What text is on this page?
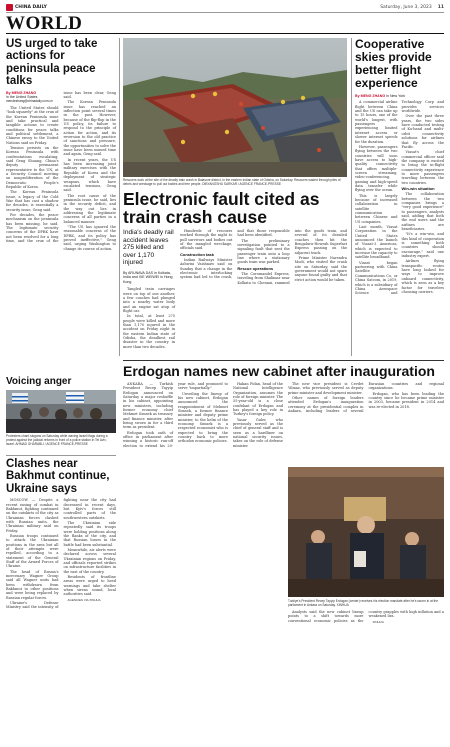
CHINA DAILY	Saturday, June 3, 2023 11
WORLD
US urged to take actions for peninsula peace talks
By MENG ZHANG
in the United States
mendezhang@chinadaily.com.cn

The United States should "look squarely" at the crux of the Korean Peninsula issue and take practical and tangible actions to create conditions for peace talks and political settlement, a Chinese envoy to the United Nations said on Friday.

Tension persists on the Korean Peninsula with confrontations escalating, said Geng Shuang, China's deputy permanent representative to the UN, at a Security Council meeting on nonproliferation of the Democratic People's Republic of Korea.

The Korean Peninsula issue, a legacy of the Cold War that has cast a shadow for decades, is essentially a security issue, Geng said.

For decades, the peace mechanism on the peninsula has been missing, he said. The legitimate security concerns of the DPRK have not been resolved for a long time, and the crux of the issue has been clear, Geng said.

The Korean Peninsula issue has reached an inflection point several times in the past. However, because of the flip-flop in the US policy, its failure to respond to the principle of action for action, and its reversion to the old practice of sanctions and pressure, the opportunities to solve the issue have been missed time and again, Geng said.

In recent years, the US has been increasing joint military exercises with the Republic of Korea and the deployment of strategic weapons, which have escalated tensions, Geng said.

The root cause of the peninsula issue, he said, lies in the security deficit, and the way out lies in addressing the legitimate concerns of all parties in a balanced manner.

"The US has ignored the reasonable concerns of the DPRK, and its policy has proved ineffective," Geng said, urging Washington to change its course of action.

Voicing anger
Protesters chant slogans on Saturday while waving Israeli flags during a protest against the judicial reforms in front of a police station in Tel Aviv, Israel. AHMAD GHARABLI / AGENCE FRANCE-PRESSE
Clashes near Bakhmut continue, Ukraine says

MOSCOW — Despite a recent easing of combat in Bakhmut, fighting continued on the outskirts of the city as Ukrainian forces clashed with Russian units, the Ukrainian military said on Friday.

Russian troops continued to attack the Ukrainian positions in the area but all of their attempts were repelled, according to a statement of the General Staff of the Armed Forces of Ukraine.

The head of Russia's mercenary Wagner Group said all Wagner units had been withdrawn from Bakhmut to other positions and were being replaced by Russian regular forces.

Ukraine's Defense Ministry said the intensity of fighting near the city had decreased in recent days, but Kyiv's forces still controlled parts of the southwestern outskirts.

The Ukrainian side repeatedly said its troops were holding positions along the flanks of the city, and that Russian losses in the battle had been substantial.

Meanwhile, air alerts were declared across several Ukrainian regions on Friday, and officials reported strikes on infrastructure facilities in the east of the country.

Residents of frontline areas were urged to heed warnings and take shelter when sirens sound, local authorities said.

AGENCIES VIA XINHUA

Rescuers work at the site of the deadly train crash in Balasore district, in the eastern Indian state of Odisha, on Saturday. Rescuers waded through piles of debris and wreckage to pull out bodies and free people. DIBYANGSHU SARKAR / AGENCE FRANCE-PRESSE
Electronic fault cited as train crash cause
India's deadly rail accident leaves 275 killed and over 1,170 injured
By ARUNAVA DAS in Kolkata, India and XIE WEIWEI in Hong Kong

Tangled train carriages were on top of one another, a few coaches had plunged into a nearby water body and an engine sat atop of flight car.

In total, at least 275 people were killed and more than 1,170 injured in the accident on Friday night in the eastern Indian state of Odisha, the deadliest rail disaster in the country in more than two decades.

Hundreds of rescuers worked through the night to pull survivors and bodies out of the mangled wreckage, officials said.

Construction task

Indian Railways Minister Ashwini Vaishnaw said on Sunday that a change in the electronic interlocking system had led to the crash, and that those responsible had been identified.

The preliminary investigation pointed to a signaling fault that sent the passenger train onto a loop line where a stationary goods train was parked.

Rescue operations

The Coromandel Express, traveling from Shalimar near Kolkata to Chennai, rammed into the goods train, and several of its derailed coaches then hit the Bengaluru-Howrah Superfast Express passing on the adjacent track.

Prime Minister Narendra Modi, who visited the crash site on Saturday, said the government would not spare anyone found guilty and that strict action would be taken.

Cooperative skies provide better flight experience
By MENG ZHANG in New York

A commercial airline flight between China and the US can take up to 15 hours, one of the world's longest, with passengers experiencing limited internet access or slower internet speeds for the duration.

However, passengers flying between the two countries will soon have access to high-quality connectivity that offers multiple-screen streaming, video-conferencing, gaming and high-speed data transfer while flying over the ocean.

This is largely because of increased collaboration in satellite communication between Chinese and US companies.

Last month, Viasat Corporation in the United States announced the launch of Viasat-3 Americas, which is expected to increase the capacity to satellite broadband.

Viasat began partnering with China Satellite Communications Co, or China Satcom, in 2019, which is a subsidiary of China Aerospace Science and Technology Corp and provides services worldwide.

Over the past three years, the two sides have conducted testing of Ka-band and multi-orbit connectivity solutions for airlines that fly across the Pacific.

Viasat's chief commercial officer said the company is excited to bring the in-flight connectivity experience to more passengers traveling between the two countries.

Win-win situation

The collaboration between the two companies brings a "very good experience" to passengers, analysts said, adding that both the end users and the airlines are beneficiaries.

"It's a win-win, and this kind of cooperation is something both countries should encourage," said one industry expert.

Airlines flying transpacific routes have long looked for ways to improve onboard connectivity, which is seen as a key factor for travelers choosing carriers.

Erdogan names new cabinet after inauguration

ANKARA — Turkish President Recep Tayyip Erdogan announced on Saturday a major reshuffle in his cabinet, appointing new ministers, including former economy chief Mehmet Simsek as treasury and finance minister, after being sworn in for a third term as president.

Erdogan took oath of office in parliament after winning a historic run-off election to extend his 20-year rule, and promised to serve "impartially."

Unveiling the lineup of his new cabinet, Erdogan announced the reappointment of Mehmet Simsek, a former finance minister and deputy prime minister, to the helm of the economy. Simsek is a respected economist who is expected to bring the country back to more orthodox economic policies.

Hakan Fidan, head of the National Intelligence Organization, assumes the role of foreign minister. The 55-year-old is a close confidant of Erdogan and has played a key role in Turkey's foreign policy.

Yasar Guler, who previously served as the chief of general staff and is seen as a hardliner on national security issues, takes on the role of defense minister.

The new vice president is Cevdet Yilmaz, who previously served as deputy prime minister and development minister.

Other names of foreign leaders attended Erdogan's inauguration ceremony at the presidential complex in Ankara, including leaders of several Eurasian countries and regional organizations.

Erdogan, who has been leading the country since he became prime minister in 2003, became president in 2014 and was re-elected in 2018.

Turkiye's President Recep Tayyip Erdogan (center) receives his election mandate after he's sworn in at the parliament in Ankara on Saturday. XINHUA

Analysts said the new cabinet lineup points to a shift towards more conventional economic policies as the country grapples with high inflation and a weakened lira.

XINHUA
